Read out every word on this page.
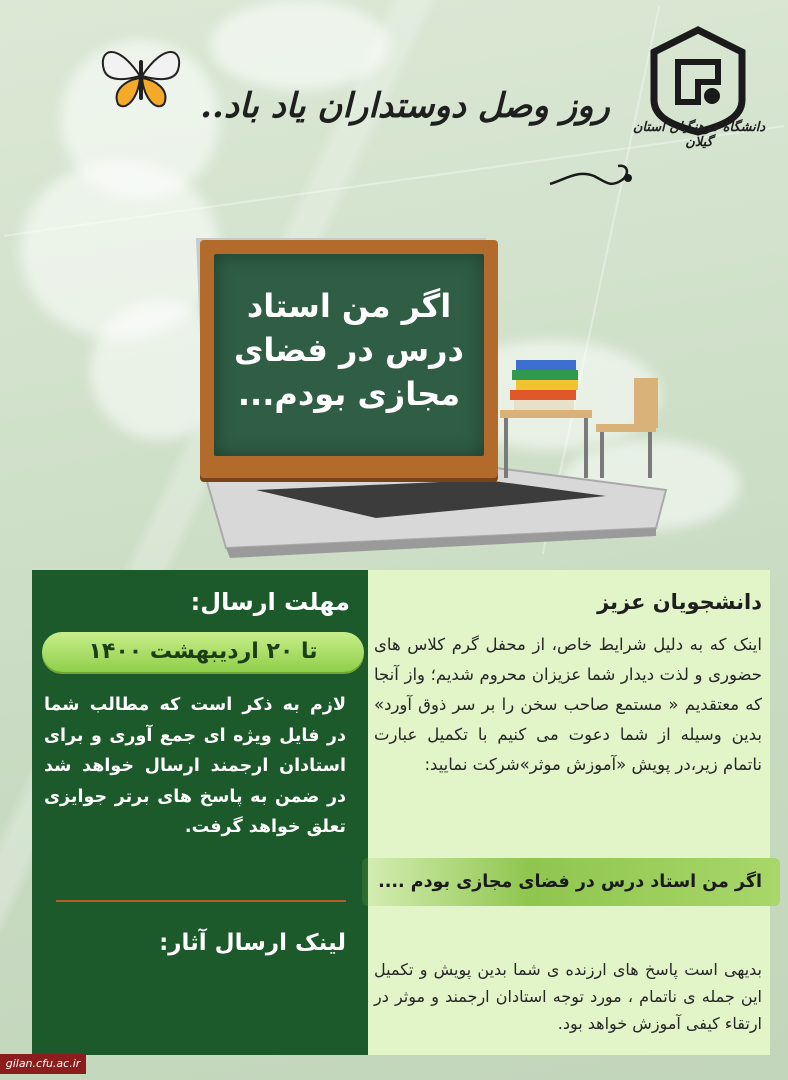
روز وصل دوستداران یاد باد..
دانشگاه فرهنگیان استان گیلان
اگر من استاد
درس در فضای
مجازی بودم...
مهلت ارسال:
تا ۲۰ اردیبهشت ۱۴۰۰
لازم به ذکر است که مطالب شما در فایل ویژه ای جمع آوری و برای استادان ارجمند ارسال خواهد شد در ضمن به پاسخ های برتر جوایزی تعلق خواهد گرفت.
لینک ارسال آثار:
دانشجویان عزیز
اینک که به دلیل شرایط خاص، از محفل گرم کلاس های حضوری و لذت دیدار شما عزیزان محروم شدیم؛ واز آنجا که معتقدیم « مستمع صاحب سخن را بر سر ذوق آورد» بدین وسیله از شما دعوت می کنیم با تکمیل عبارت ناتمام زیر،در پویش «آموزش موثر»شرکت نمایید:
اگر من استاد درس در فضای مجازی بودم ....
بدیهی است پاسخ های ارزنده ی شما بدین پویش و تکمیل این جمله ی ناتمام ، مورد توجه استادان ارجمند و موثر در ارتقاء کیفی آموزش خواهد بود.
gilan.cfu.ac.ir
